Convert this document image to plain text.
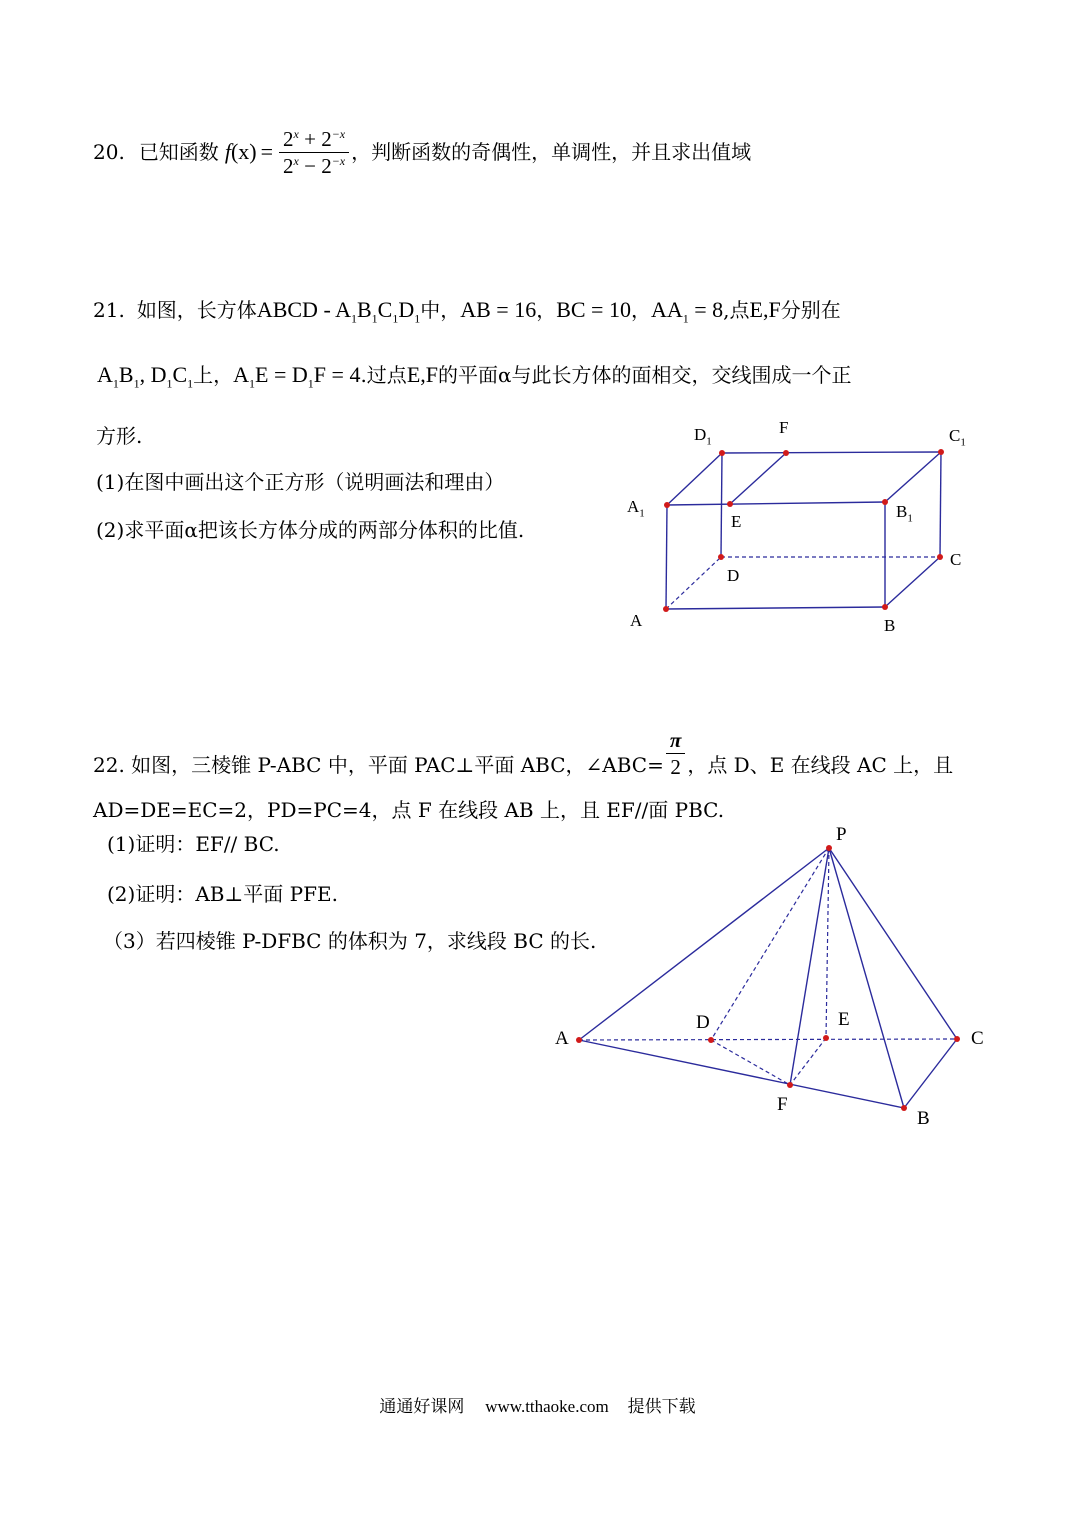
20. 已知函数 $f(x) = \frac{2^x + 2^{-x}}{2^x - 2^{-x}}$ ，判断函数的奇偶性，单调性，并且求出值域
21. 如图，长方体ABCD - $A_1B_1C_1D_1$中，AB = 16，BC = 10，$AA_1 = 8$,点E,F分别在
$A_1B_1$, $D_1C_1$上，$A_1E = D_1F = 4$.过点E,F的平面α与此长方体的面相交，交线围成一个正
方形.
(1)在图中画出这个正方形（说明画法和理由）
(2)求平面α把该长方体分成的两部分体积的比值.
$D_1$
F	$C_1$
$A_1$	E
$B_1$
C
D
A	B
22. 如图，三棱锥 P-ABC 中，平面 PAC⊥平面 ABC，∠ABC= $\frac{\pi}{2}$ ，点 D、E 在线段 AC 上，且
AD=DE=EC=2，PD=PC=4，点 F 在线段 AB 上，且 EF//面 PBC.
(1)证明：EF// BC.
(2)证明：AB⊥平面 PFE.
（3）若四棱锥 P-DFBC 的体积为 7，求线段 BC 的长.
P
A
D	E
C
F
B
通通好课网 www.tthaoke.com 提供下载
